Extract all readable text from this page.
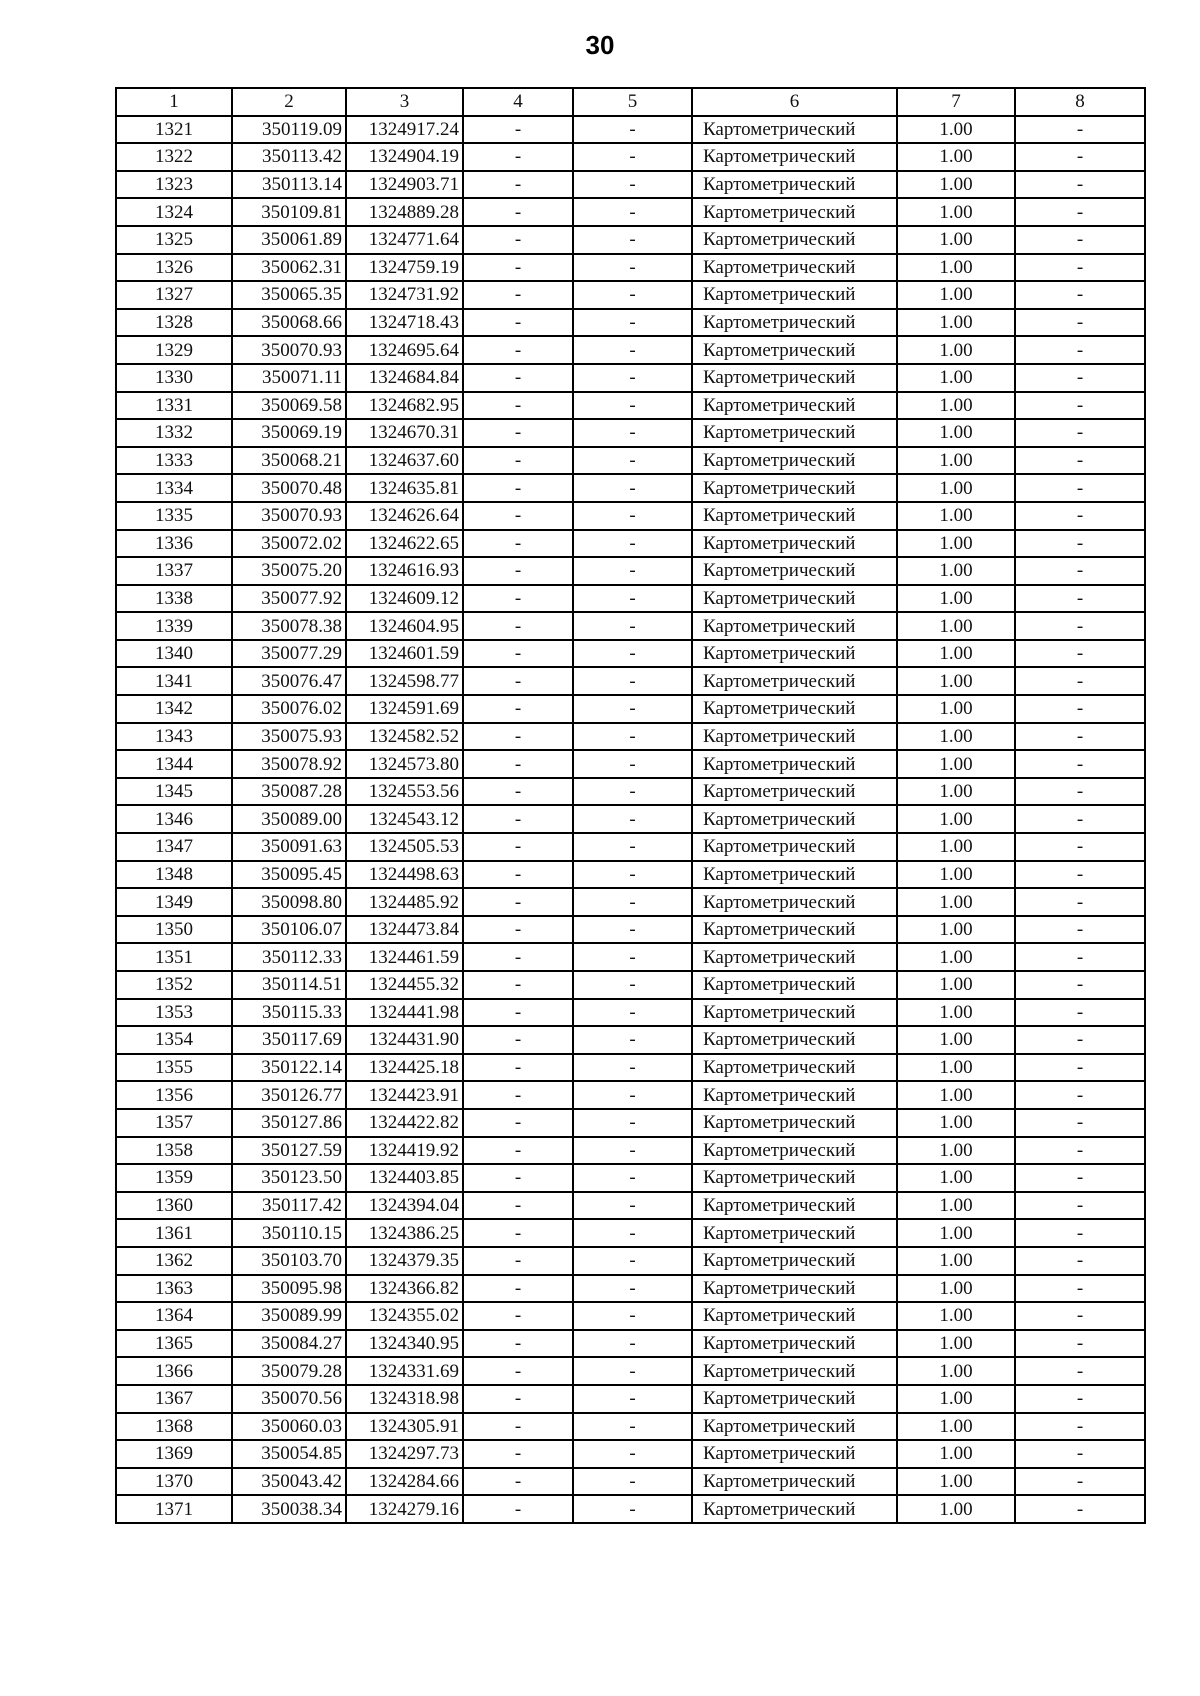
30
1	2	3	4	5	6	7	8
1321	350119.09	1324917.24	-	-	Картометрический	1.00	-
1322	350113.42	1324904.19	-	-	Картометрический	1.00	-
1323	350113.14	1324903.71	-	-	Картометрический	1.00	-
1324	350109.81	1324889.28	-	-	Картометрический	1.00	-
1325	350061.89	1324771.64	-	-	Картометрический	1.00	-
1326	350062.31	1324759.19	-	-	Картометрический	1.00	-
1327	350065.35	1324731.92	-	-	Картометрический	1.00	-
1328	350068.66	1324718.43	-	-	Картометрический	1.00	-
1329	350070.93	1324695.64	-	-	Картометрический	1.00	-
1330	350071.11	1324684.84	-	-	Картометрический	1.00	-
1331	350069.58	1324682.95	-	-	Картометрический	1.00	-
1332	350069.19	1324670.31	-	-	Картометрический	1.00	-
1333	350068.21	1324637.60	-	-	Картометрический	1.00	-
1334	350070.48	1324635.81	-	-	Картометрический	1.00	-
1335	350070.93	1324626.64	-	-	Картометрический	1.00	-
1336	350072.02	1324622.65	-	-	Картометрический	1.00	-
1337	350075.20	1324616.93	-	-	Картометрический	1.00	-
1338	350077.92	1324609.12	-	-	Картометрический	1.00	-
1339	350078.38	1324604.95	-	-	Картометрический	1.00	-
1340	350077.29	1324601.59	-	-	Картометрический	1.00	-
1341	350076.47	1324598.77	-	-	Картометрический	1.00	-
1342	350076.02	1324591.69	-	-	Картометрический	1.00	-
1343	350075.93	1324582.52	-	-	Картометрический	1.00	-
1344	350078.92	1324573.80	-	-	Картометрический	1.00	-
1345	350087.28	1324553.56	-	-	Картометрический	1.00	-
1346	350089.00	1324543.12	-	-	Картометрический	1.00	-
1347	350091.63	1324505.53	-	-	Картометрический	1.00	-
1348	350095.45	1324498.63	-	-	Картометрический	1.00	-
1349	350098.80	1324485.92	-	-	Картометрический	1.00	-
1350	350106.07	1324473.84	-	-	Картометрический	1.00	-
1351	350112.33	1324461.59	-	-	Картометрический	1.00	-
1352	350114.51	1324455.32	-	-	Картометрический	1.00	-
1353	350115.33	1324441.98	-	-	Картометрический	1.00	-
1354	350117.69	1324431.90	-	-	Картометрический	1.00	-
1355	350122.14	1324425.18	-	-	Картометрический	1.00	-
1356	350126.77	1324423.91	-	-	Картометрический	1.00	-
1357	350127.86	1324422.82	-	-	Картометрический	1.00	-
1358	350127.59	1324419.92	-	-	Картометрический	1.00	-
1359	350123.50	1324403.85	-	-	Картометрический	1.00	-
1360	350117.42	1324394.04	-	-	Картометрический	1.00	-
1361	350110.15	1324386.25	-	-	Картометрический	1.00	-
1362	350103.70	1324379.35	-	-	Картометрический	1.00	-
1363	350095.98	1324366.82	-	-	Картометрический	1.00	-
1364	350089.99	1324355.02	-	-	Картометрический	1.00	-
1365	350084.27	1324340.95	-	-	Картометрический	1.00	-
1366	350079.28	1324331.69	-	-	Картометрический	1.00	-
1367	350070.56	1324318.98	-	-	Картометрический	1.00	-
1368	350060.03	1324305.91	-	-	Картометрический	1.00	-
1369	350054.85	1324297.73	-	-	Картометрический	1.00	-
1370	350043.42	1324284.66	-	-	Картометрический	1.00	-
1371	350038.34	1324279.16	-	-	Картометрический	1.00	-
